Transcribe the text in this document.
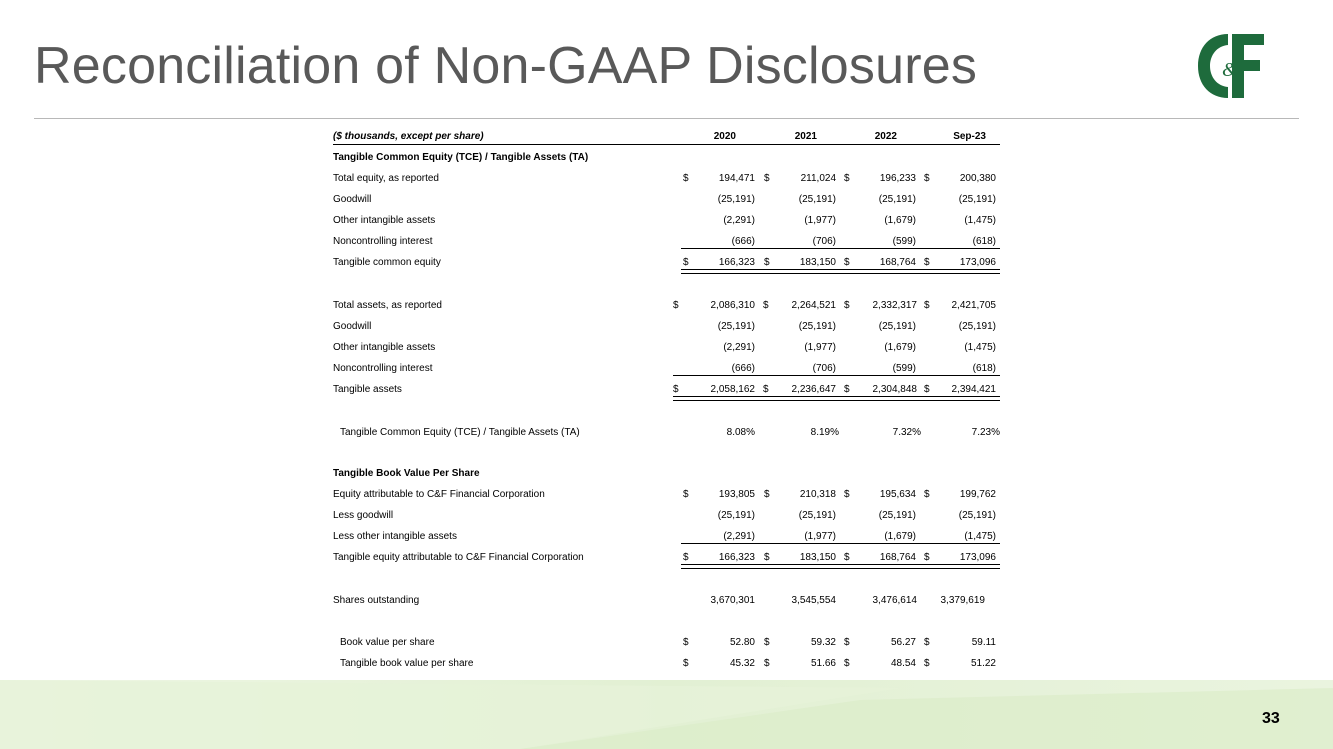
Reconciliation of Non-GAAP Disclosures	&
($ thousands, except per share)	2020	2021	2022	Sep-23
Tangible Common Equity (TCE) / Tangible Assets (TA)
Total equity, as reported	$	194,471 $	211,024 $	196,233 $	200,380
Goodwill	(25,191)	(25,191)	(25,191)	(25,191)
Other intangible assets	(2,291)	(1,977)	(1,679)	(1,475)
Noncontrolling interest	(666)	(706)	(599)	(618)
Tangible common equity	$	166,323 $	183,150 $	168,764 $	173,096
Total assets, as reported	$	2,086,310 $ 2,264,521 $ 2,332,317 $ 2,421,705
Goodwill	(25,191)	(25,191)	(25,191)	(25,191)
Other intangible assets	(2,291)	(1,977)	(1,679)	(1,475)
Noncontrolling interest	(666)	(706)	(599)	(618)
Tangible assets	$	2,058,162 $ 2,236,647 $ 2,304,848 $ 2,394,421
Tangible Common Equity (TCE) / Tangible Assets (TA)	8.08%	8.19%	7.32%	7.23%
Tangible Book Value Per Share
Equity attributable to C&F Financial Corporation	$	193,805 $	210,318 $	195,634 $	199,762
Less goodwill	(25,191)	(25,191)	(25,191)	(25,191)
Less other intangible assets	(2,291)	(1,977)	(1,679)	(1,475)
Tangible equity attributable to C&F Financial Corporation	$	166,323 $	183,150 $	168,764 $	173,096
Shares outstanding	3,670,301	3,545,554	3,476,614 3,379,619
Book value per share	$	52.80 $	59.32 $	56.27 $	59.11
Tangible book value per share	$	45.32 $	51.66 $	48.54 $	51.22
33
